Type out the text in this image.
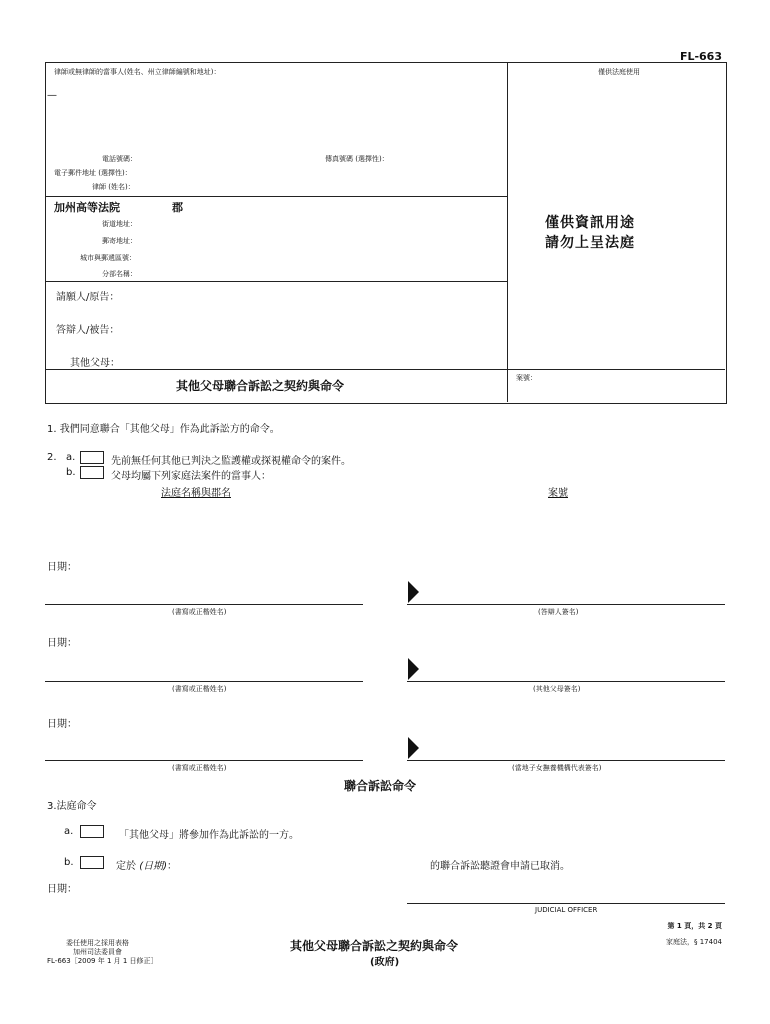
FL-663
律師或無律師的當事人(姓名、州立律師編號和地址)：
—
僅供法庭使用
電話號碼：	傳真號碼 (選擇性)：
電子郵件地址 (選擇性)：
律師 (姓名)：
加州高等法院	郡
街道地址：
郵寄地址：
城市與郵遞區號：
分部名稱：
僅供資訊用途
請勿上呈法庭
請願人/原告：
答辯人/被告：
其他父母：
其他父母聯合訴訟之契約與命令
案號：
1. 我們同意聯合「其他父母」作為此訴訟方的命令。
2. a.	先前無任何其他已判決之監護權或探視權命令的案件。
b.	父母均屬下列家庭法案件的當事人：
法庭名稱與郡名	案號
日期：
(書寫或正楷姓名)	(答辯人簽名)
日期：
(書寫或正楷姓名)	(其他父母簽名)
日期：
(書寫或正楷姓名)	(當地子女撫養機構代表簽名)
聯合訴訟命令
3.法庭命令
a.	「其他父母」將參加作為此訴訟的一方。
b.	定於 (日期)：	的聯合訴訟聽證會申請已取消。
日期：
JUDICIAL OFFICER
第 1 頁，共 2 頁
委任使用之採用表格
加州司法委員會
FL-663［2009 年 1 月 1 日修正］
其他父母聯合訴訟之契約與命令
(政府)
家庭法，§ 17404
